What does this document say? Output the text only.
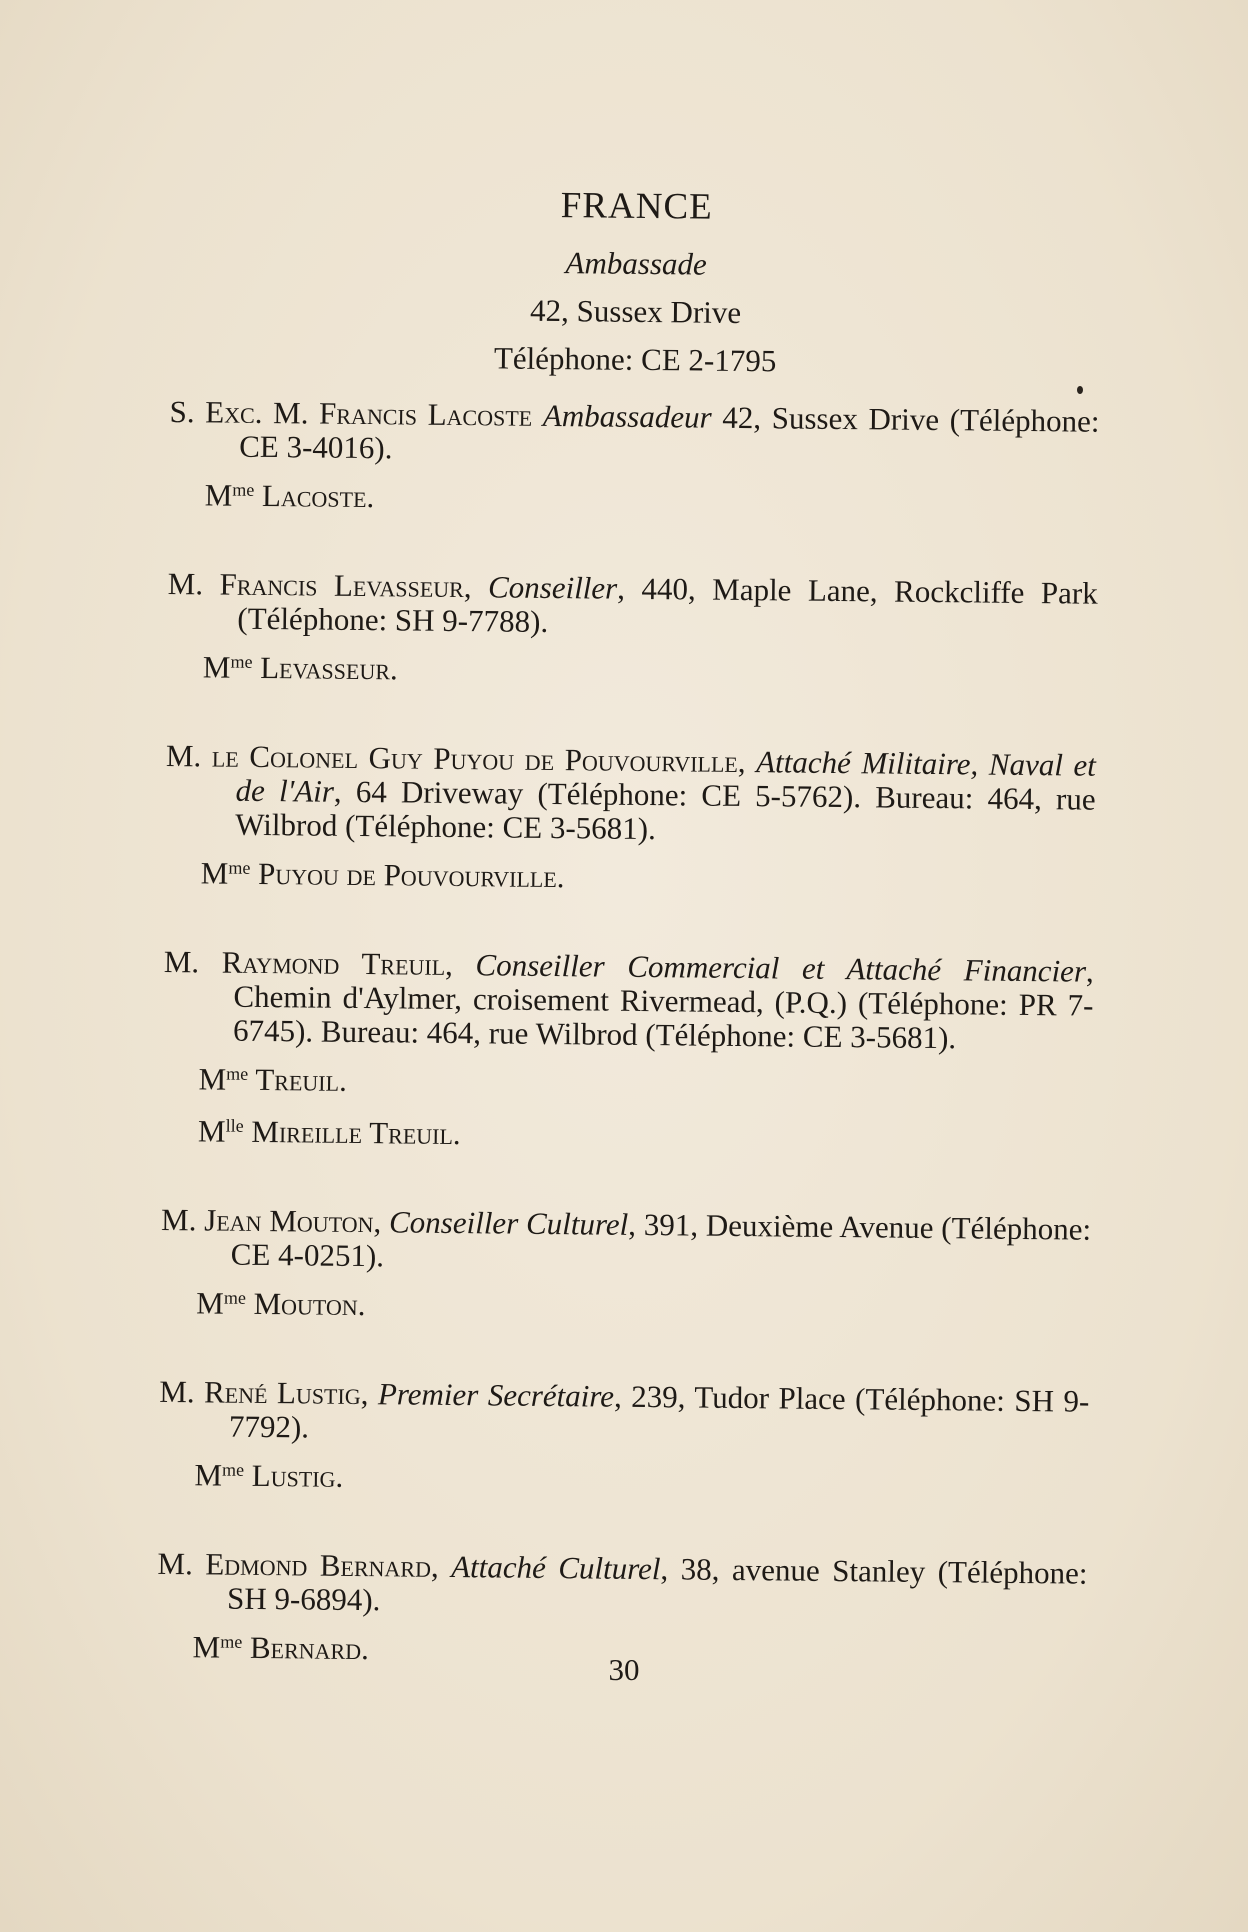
FRANCE
Ambassade
42, Sussex Drive
Téléphone: CE 2-1795
S. Exc. M. Francis Lacoste Ambassadeur 42, Sussex Drive (Téléphone: CE 3-4016).
$M^{me}$ Lacoste.
M. Francis Levasseur, Conseiller, 440, Maple Lane, Rockcliffe Park (Téléphone: SH 9-7788).
$M^{me}$ Levasseur.
M. le Colonel Guy Puyou de Pouvourville, Attaché Militaire, Naval et de l'Air, 64 Driveway (Téléphone: CE 5-5762). Bureau: 464, rue Wilbrod (Téléphone: CE 3-5681).
$M^{me}$ Puyou de Pouvourville.
M. Raymond Treuil, Conseiller Commercial et Attaché Financier, Chemin d'Aylmer, croisement Rivermead, (P.Q.) (Téléphone: PR 7-6745). Bureau: 464, rue Wilbrod (Téléphone: CE 3-5681).
$M^{me}$ Treuil.
$M^{lle}$ Mireille Treuil.
M. Jean Mouton, Conseiller Culturel, 391, Deuxième Avenue (Téléphone: CE 4-0251).
$M^{me}$ Mouton.
M. René Lustig, Premier Secrétaire, 239, Tudor Place (Téléphone: SH 9-7792).
$M^{me}$ Lustig.
M. Edmond Bernard, Attaché Culturel, 38, avenue Stanley (Téléphone: SH 9-6894).
$M^{me}$ Bernard.
30
